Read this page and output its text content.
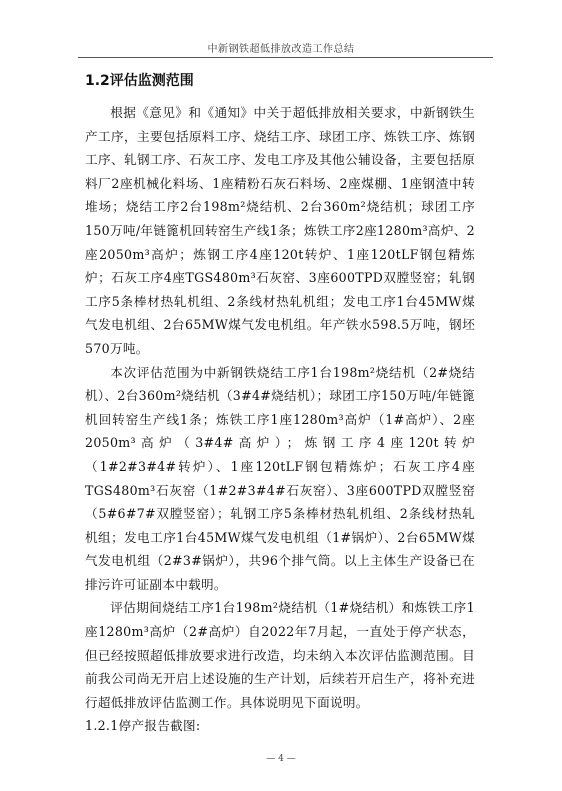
中新钢铁超低排放改造工作总结
1.2评估监测范围

根据《意见》和《通知》中关于超低排放相关要求，中新钢铁生产工序，主要包括原料工序、烧结工序、球团工序、炼铁工序、炼钢工序、轧钢工序、石灰工序、发电工序及其他公辅设备，主要包括原料厂2座机械化料场、1座精粉石灰石料场、2座煤棚、1座钢渣中转堆场；烧结工序2台198m²烧结机、2台360m²烧结机；球团工序150万吨/年链篦机回转窑生产线1条；炼铁工序2座1280m³高炉、2座2050m³高炉；炼钢工序4座120t转炉、1座120tLF钢包精炼炉；石灰工序4座TGS480m³石灰窑、3座600TPD双膛竖窑；轧钢工序5条棒材热轧机组、2条线材热轧机组；发电工序1台45MW煤气发电机组、2台65MW煤气发电机组。年产铁水598.5万吨，钢坯570万吨。

本次评估范围为中新钢铁烧结工序1台198m²烧结机（2#烧结机）、2台360m²烧结机（3#4#烧结机）；球团工序150万吨/年链篦机回转窑生产线1条；炼铁工序1座1280m³高炉（1#高炉）、2座2050m³高炉（3#4#高炉）；炼钢工序4座120t转炉（1#2#3#4#转炉）、1座120tLF钢包精炼炉；石灰工序4座TGS480m³石灰窑（1#2#3#4#石灰窑）、3座600TPD双膛竖窑（5#6#7#双膛竖窑）；轧钢工序5条棒材热轧机组、2条线材热轧机组；发电工序1台45MW煤气发电机组（1#锅炉）、2台65MW煤气发电机组（2#3#锅炉），共96个排气筒。以上主体生产设备已在排污许可证副本中载明。

评估期间烧结工序1台198m²烧结机（1#烧结机）和炼铁工序1座1280m³高炉（2#高炉）自2022年7月起，一直处于停产状态，但已经按照超低排放要求进行改造，均未纳入本次评估监测范围。目前我公司尚无开启上述设施的生产计划，后续若开启生产，将补充进行超低排放评估监测工作。具体说明见下面说明。

1.2.1停产报告截图:

— 4 —
